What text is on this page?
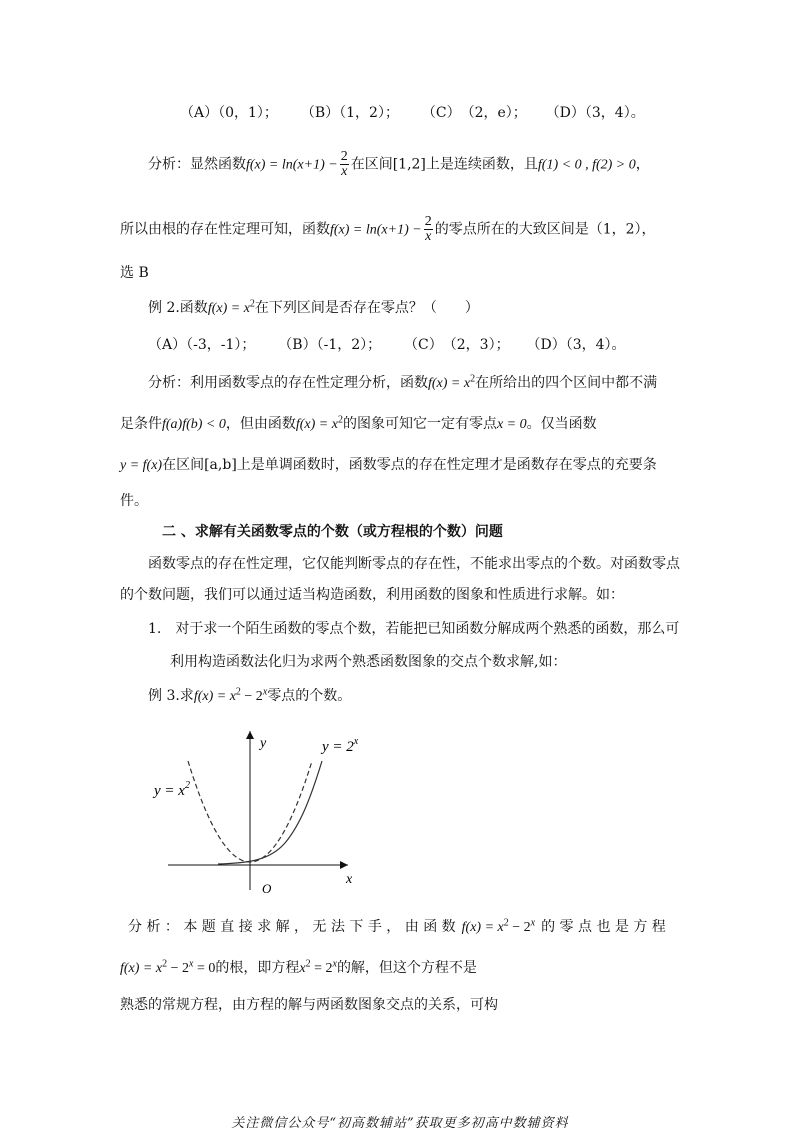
（A）（0，1）； （B）（1，2）； （C）　（2，e）； （D）（3，4）。
分析：显然函数$f(x) = \ln(x+1) - \frac{2}{x}$ 在区间[1,2]上是连续函数，且f(1) < 0 , f(2) > 0，
所以由根的存在性定理可知，函数$f(x) = \ln(x+1) - \frac{2}{x}$ 的零点所在的大致区间是（1，2），
选 B
例 2.函数$f(x) = x^2$在下列区间是否存在零点？（　　）
（A）（-3，-1）； （B）（-1，2）； （C）　（2，3）； （D）（3，4）。
分析：利用函数零点的存在性定理分析，函数$f(x) = x^2$在所给出的四个区间中都不满
足条件f(a)f(b) < 0，但由函数$f(x) = x^2$的图象可知它一定有零点x = 0。仅当函数
y = f(x)在区间[a,b]上是单调函数时，函数零点的存在性定理才是函数存在零点的充要条
件。
二 、求解有关函数零点的个数（或方程根的个数）问题
函数零点的存在性定理，它仅能判断零点的存在性，不能求出零点的个数。对函数零点
的个数问题，我们可以通过适当构造函数，利用函数的图象和性质进行求解。如：
1.　对于求一个陌生函数的零点个数，若能把已知函数分解成两个熟悉的函数，那么可
利用构造函数法化归为求两个熟悉函数图象的交点个数求解,如：
例 3.求$f(x) = x^2 - 2^x$零点的个数。
y
x
O
$y = 2^x$
$y = x^2$
分 析 ： 本 题 直 接 求 解 ， 无 法 下 手 ， 由 函 数 $f(x) = x^2 - 2^x$ 的 零 点 也 是 方 程
$f(x) = x^2 - 2^x = 0$的根，即方程$x^2 = 2^x$的解，但这个方程不是
熟悉的常规方程，由方程的解与两函数图象交点的关系，可构
关注微信公众号“初高数辅站”获取更多初高中数辅资料
